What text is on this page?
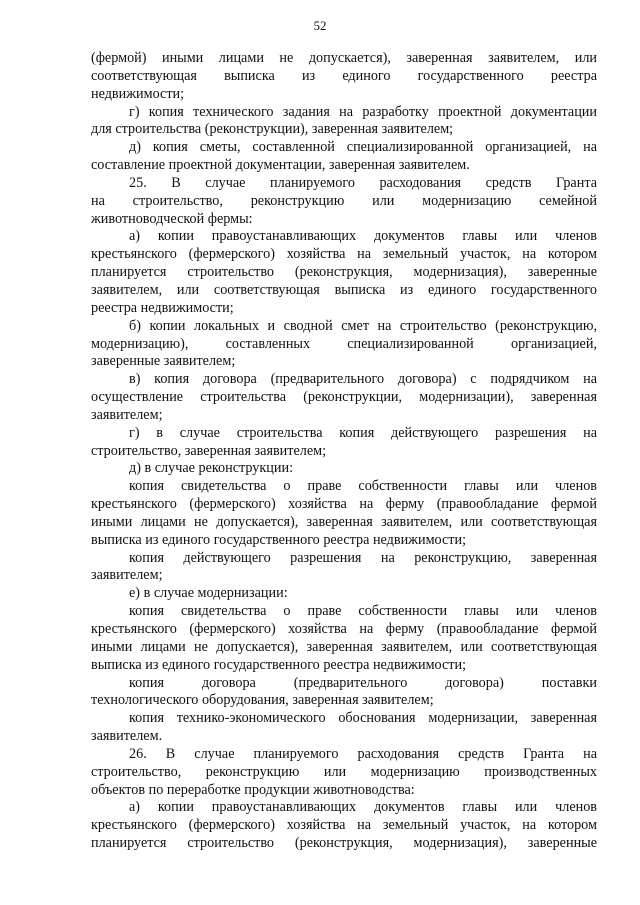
52
(фермой) иными лицами не допускается), заверенная заявителем, или
соответствующая выписка из единого государственного реестра
недвижимости;
г) копия технического задания на разработку проектной документации
для строительства (реконструкции), заверенная заявителем;
д) копия сметы, составленной специализированной организацией, на
составление проектной документации, заверенная заявителем.
25. В случае планируемого расходования средств Гранта
на строительство, реконструкцию или модернизацию семейной
животноводческой фермы:
а) копии правоустанавливающих документов главы или членов
крестьянского (фермерского) хозяйства на земельный участок, на котором
планируется строительство (реконструкция, модернизация), заверенные
заявителем, или соответствующая выписка из единого государственного
реестра недвижимости;
б) копии локальных и сводной смет на строительство (реконструкцию,
модернизацию), составленных специализированной организацией,
заверенные заявителем;
в) копия договора (предварительного договора) с подрядчиком на
осуществление строительства (реконструкции, модернизации), заверенная
заявителем;
г) в случае строительства копия действующего разрешения на
строительство, заверенная заявителем;
д) в случае реконструкции:
копия свидетельства о праве собственности главы или членов
крестьянского (фермерского) хозяйства на ферму (правообладание фермой
иными лицами не допускается), заверенная заявителем, или соответствующая
выписка из единого государственного реестра недвижимости;
копия действующего разрешения на реконструкцию, заверенная
заявителем;
е) в случае модернизации:
копия свидетельства о праве собственности главы или членов
крестьянского (фермерского) хозяйства на ферму (правообладание фермой
иными лицами не допускается), заверенная заявителем, или соответствующая
выписка из единого государственного реестра недвижимости;
копия договора (предварительного договора) поставки
технологического оборудования, заверенная заявителем;
копия технико-экономического обоснования модернизации, заверенная
заявителем.
26. В случае планируемого расходования средств Гранта на
строительство, реконструкцию или модернизацию производственных
объектов по переработке продукции животноводства:
а) копии правоустанавливающих документов главы или членов
крестьянского (фермерского) хозяйства на земельный участок, на котором
планируется строительство (реконструкция, модернизация), заверенные
